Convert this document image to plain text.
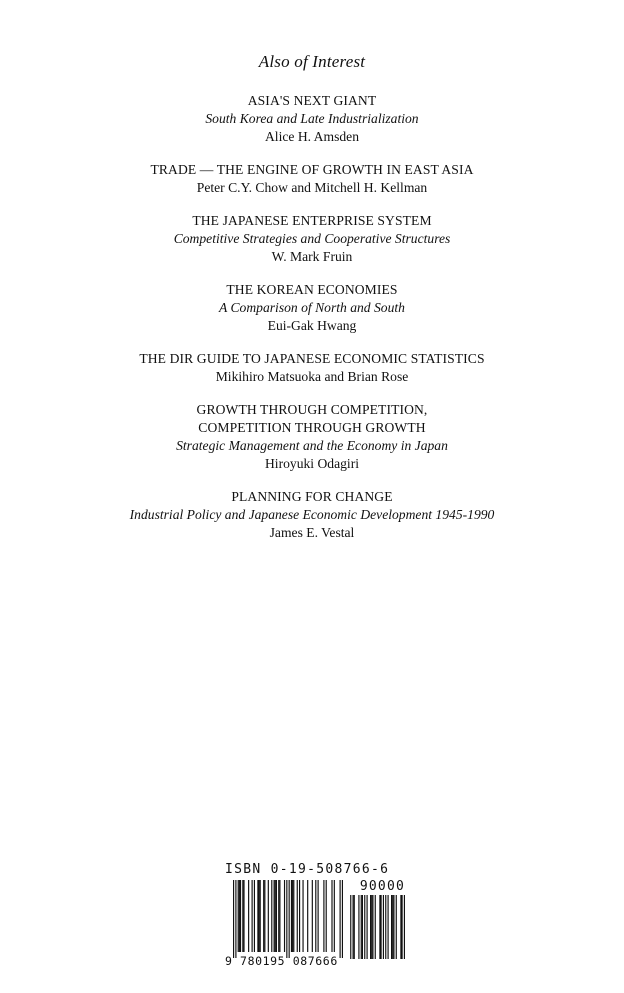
Also of Interest
ASIA'S NEXT GIANT
South Korea and Late Industrialization
Alice H. Amsden
TRADE — THE ENGINE OF GROWTH IN EAST ASIA
Peter C.Y. Chow and Mitchell H. Kellman
THE JAPANESE ENTERPRISE SYSTEM
Competitive Strategies and Cooperative Structures
W. Mark Fruin
THE KOREAN ECONOMIES
A Comparison of North and South
Eui-Gak Hwang
THE DIR GUIDE TO JAPANESE ECONOMIC STATISTICS
Mikihiro Matsuoka and Brian Rose
GROWTH THROUGH COMPETITION,
COMPETITION THROUGH GROWTH
Strategic Management and the Economy in Japan
Hiroyuki Odagiri
PLANNING FOR CHANGE
Industrial Policy and Japanese Economic Development 1945-1990
James E. Vestal
ISBN 0-19-508766-6
90000
9 780195 087666
